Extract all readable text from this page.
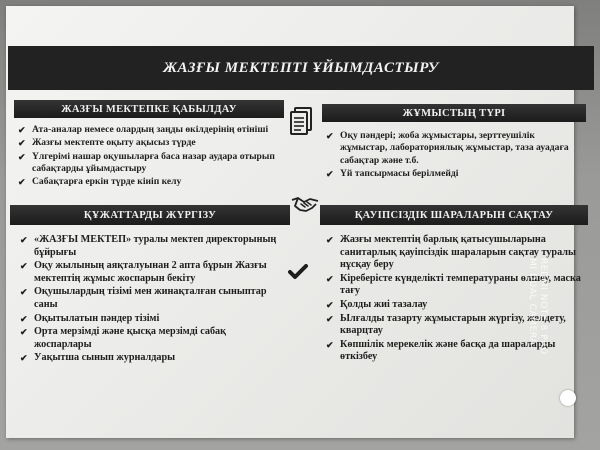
ЖАЗҒЫ МЕКТЕПТІ ҰЙЫМДАСТЫРУ
ЖАЗҒЫ МЕКТЕПКЕ ҚАБЫЛДАУ
✔ Ата-аналар немесе олардың заңды өкілдерінің өтініші
✔ Жазғы мектепте оқыту ақысыз түрде
✔ Үлгерімі нашар оқушыларға баса назар аудара отырып сабақтарды ұйымдастыру
✔ Сабақтарға еркін түрде кіиіп келу
ЖҰМЫСТЫҢ ТҮРІ
✔ Оқу пәндері; жоба жұмыстары, зерттеушілік жұмыстар, лабораториялық жұмыстар, таза ауадаға сабақтар және т.б.
✔ Үй тапсырмасы берілмейді
ҚҰЖАТТАРДЫ ЖҮРГІЗУ
✔ «ЖАЗҒЫ МЕКТЕП» туралы мектеп директорының бұйрығы
✔ Оқу жылының аяқталуынан 2 апта бұрын Жазғы мектептің жұмыс жоспарын бекіту
✔ Оқушылардың тізімі мен жинақталған сыныптар саны
✔ Оқытылатын пәндер тізімі
✔ Орта мерзімді және қысқа мерзімді сабақ жоспарлары
✔ Уақытша сынып журналдары
ҚАУІПСІЗДІК ШАРАЛАРЫН САҚТАУ
✔ Жазғы мектептің барлық қатысушыларына санитарлық қауіпсіздік шараларын сақтау туралы нұсқау беру
✔ Кіреберісте күнделікті температураны өлшеу, маска тағу
✔ Қолды жиі тазалау
✔ Ылғалды тазарту жұмыстарын жүргізу, желдету, кварцтау
✔ Көпшілік мерекелік және басқа да шараларды өткізбеу
REDMI NOTE 8 PRO
MI DUAL CAMERA
